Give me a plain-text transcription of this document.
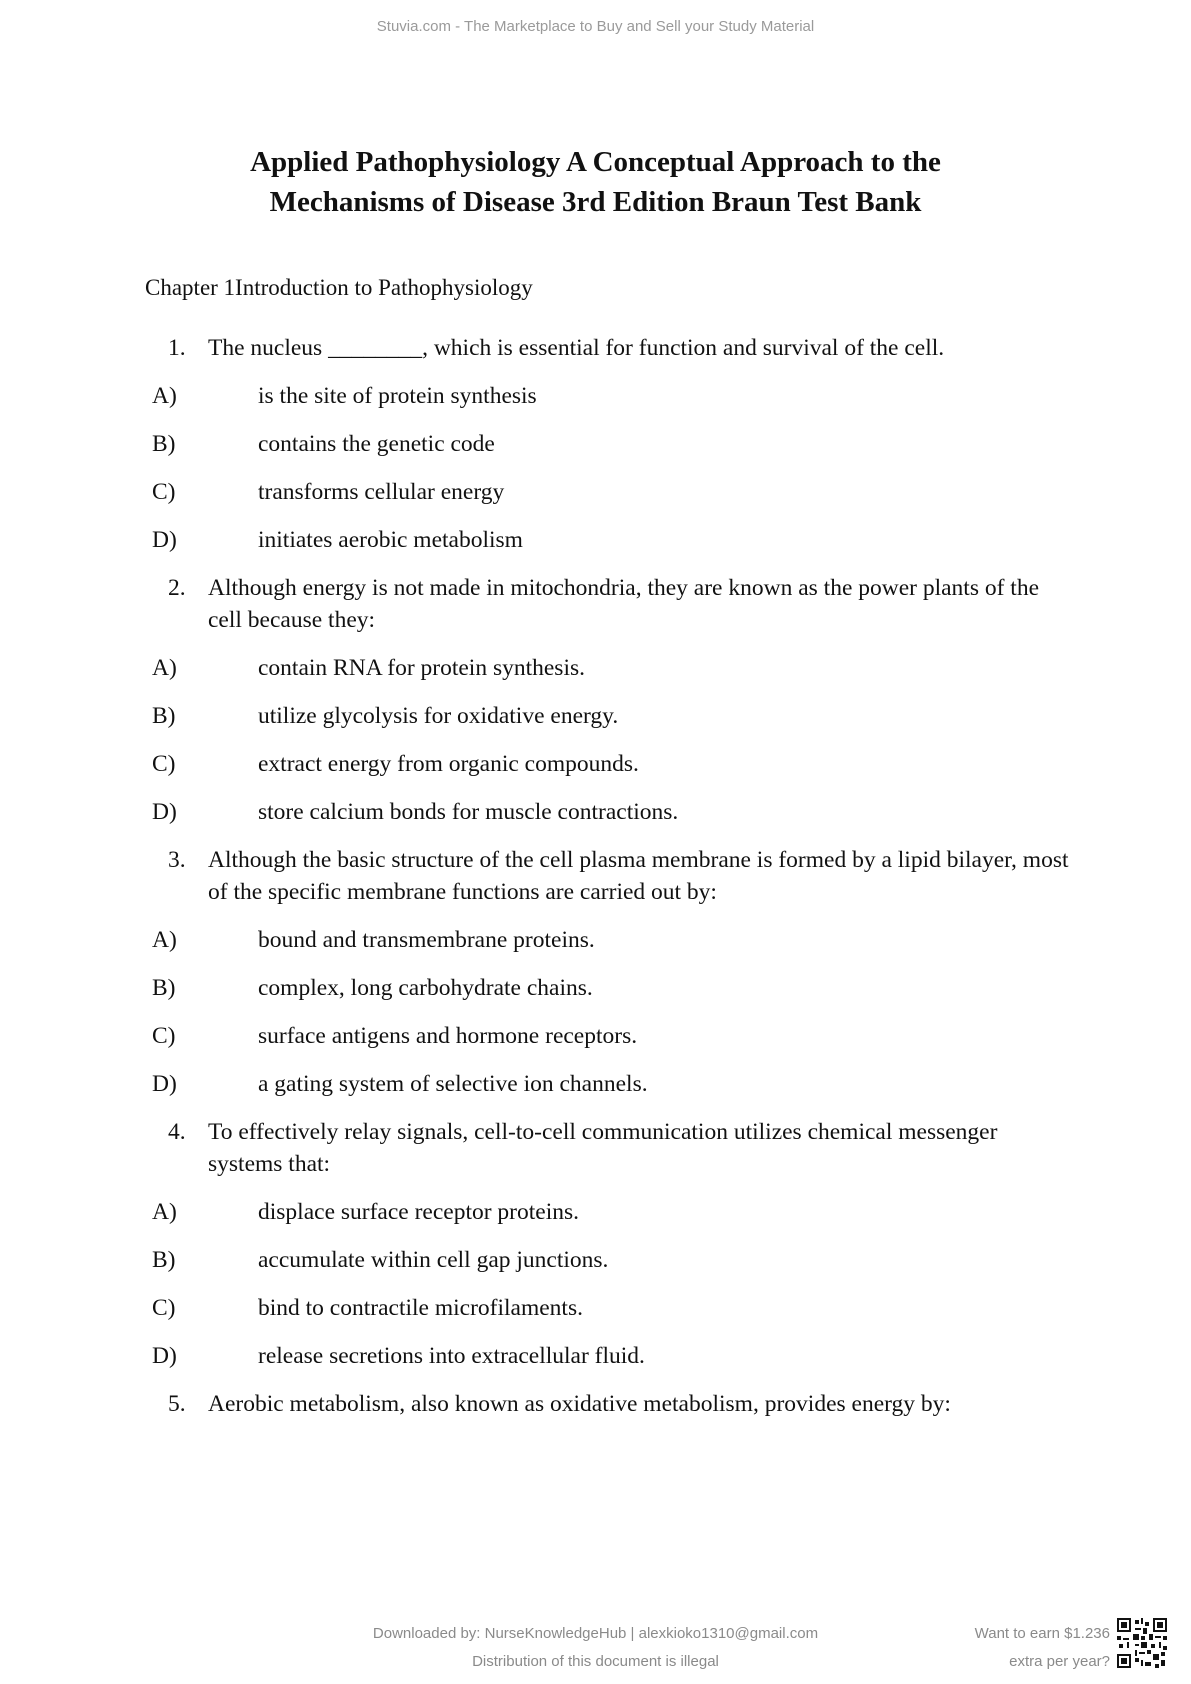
Stuvia.com - The Marketplace to Buy and Sell your Study Material
Applied Pathophysiology A Conceptual Approach to the
Mechanisms of Disease 3rd Edition Braun Test Bank

Chapter 1Introduction to Pathophysiology

1. The nucleus ________, which is essential for function and survival of the cell.
A)	is the site of protein synthesis
B)	contains the genetic code
C)	transforms cellular energy
D)	initiates aerobic metabolism
2. Although energy is not made in mitochondria, they are known as the power plants of the cell because they:
A)	contain RNA for protein synthesis.
B)	utilize glycolysis for oxidative energy.
C)	extract energy from organic compounds.
D)	store calcium bonds for muscle contractions.
3. Although the basic structure of the cell plasma membrane is formed by a lipid bilayer, most of the specific membrane functions are carried out by:
A)	bound and transmembrane proteins.
B)	complex, long carbohydrate chains.
C)	surface antigens and hormone receptors.
D)	a gating system of selective ion channels.
4. To effectively relay signals, cell-to-cell communication utilizes chemical messenger systems that:
A)	displace surface receptor proteins.
B)	accumulate within cell gap junctions.
C)	bind to contractile microfilaments.
D)	release secretions into extracellular fluid.
5. Aerobic metabolism, also known as oxidative metabolism, provides energy by:
Downloaded by: NurseKnowledgeHub | alexkioko1310@gmail.com
Distribution of this document is illegal
Want to earn $1.236
extra per year?
